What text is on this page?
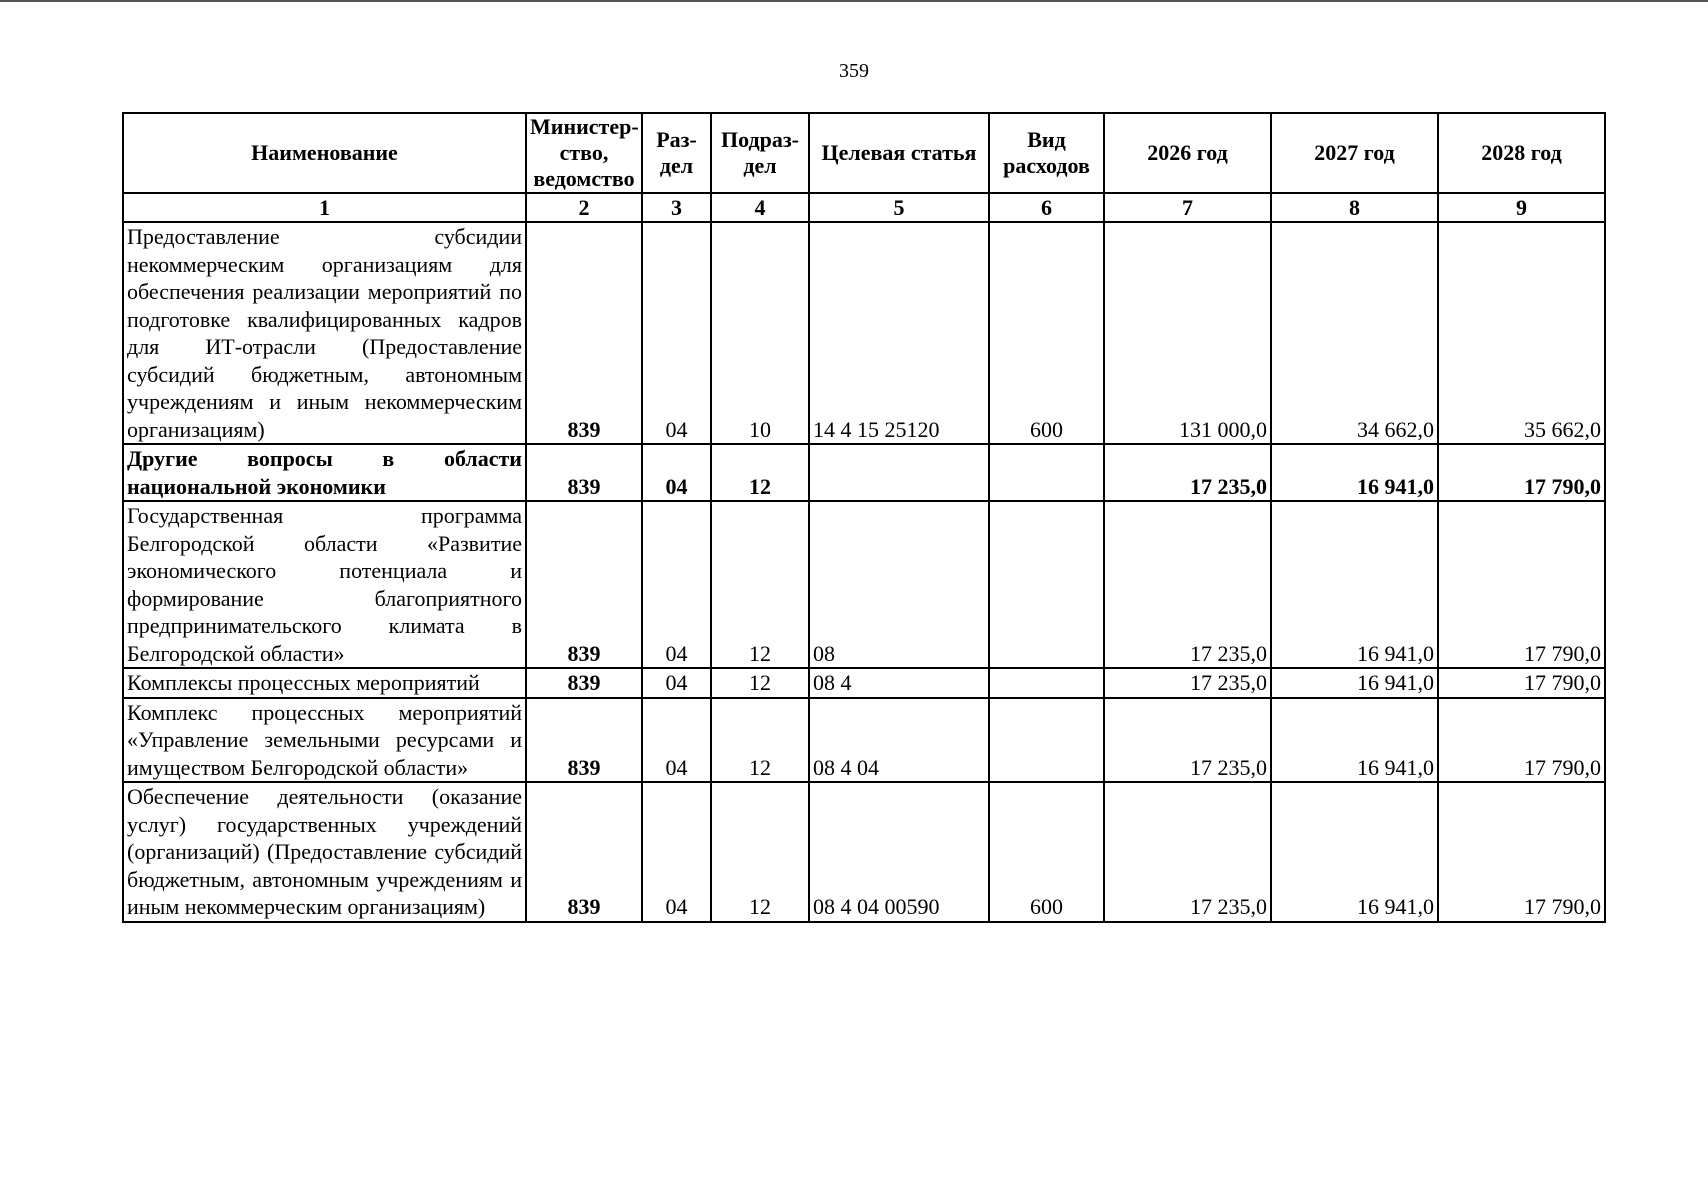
359
Наименование	Министер-ство, ведомство	Раз-дел	Подраз-дел	Целевая статья	Вид расходов	2026 год	2027 год	2028 год
1	2	3	4	5	6	7	8	9
Предоставление субсидии некоммерческим организациям для обеспечения реализации мероприятий по подготовке квалифицированных кадров для ИТ-отрасли (Предоставление субсидий бюджетным, автономным учреждениям и иным некоммерческим организациям)	839	04	10	14 4 15 25120	600	131 000,0	34 662,0	35 662,0
Другие вопросы в области национальной экономики	839	04	12			17 235,0	16 941,0	17 790,0
Государственная программа Белгородской области «Развитие экономического потенциала и формирование благоприятного предпринимательского климата в Белгородской области»	839	04	12	08		17 235,0	16 941,0	17 790,0
Комплексы процессных мероприятий	839	04	12	08 4		17 235,0	16 941,0	17 790,0
Комплекс процессных мероприятий «Управление земельными ресурсами и имуществом Белгородской области»	839	04	12	08 4 04		17 235,0	16 941,0	17 790,0
Обеспечение деятельности (оказание услуг) государственных учреждений (организаций) (Предоставление субсидий бюджетным, автономным учреждениям и иным некоммерческим организациям)	839	04	12	08 4 04 00590	600	17 235,0	16 941,0	17 790,0
